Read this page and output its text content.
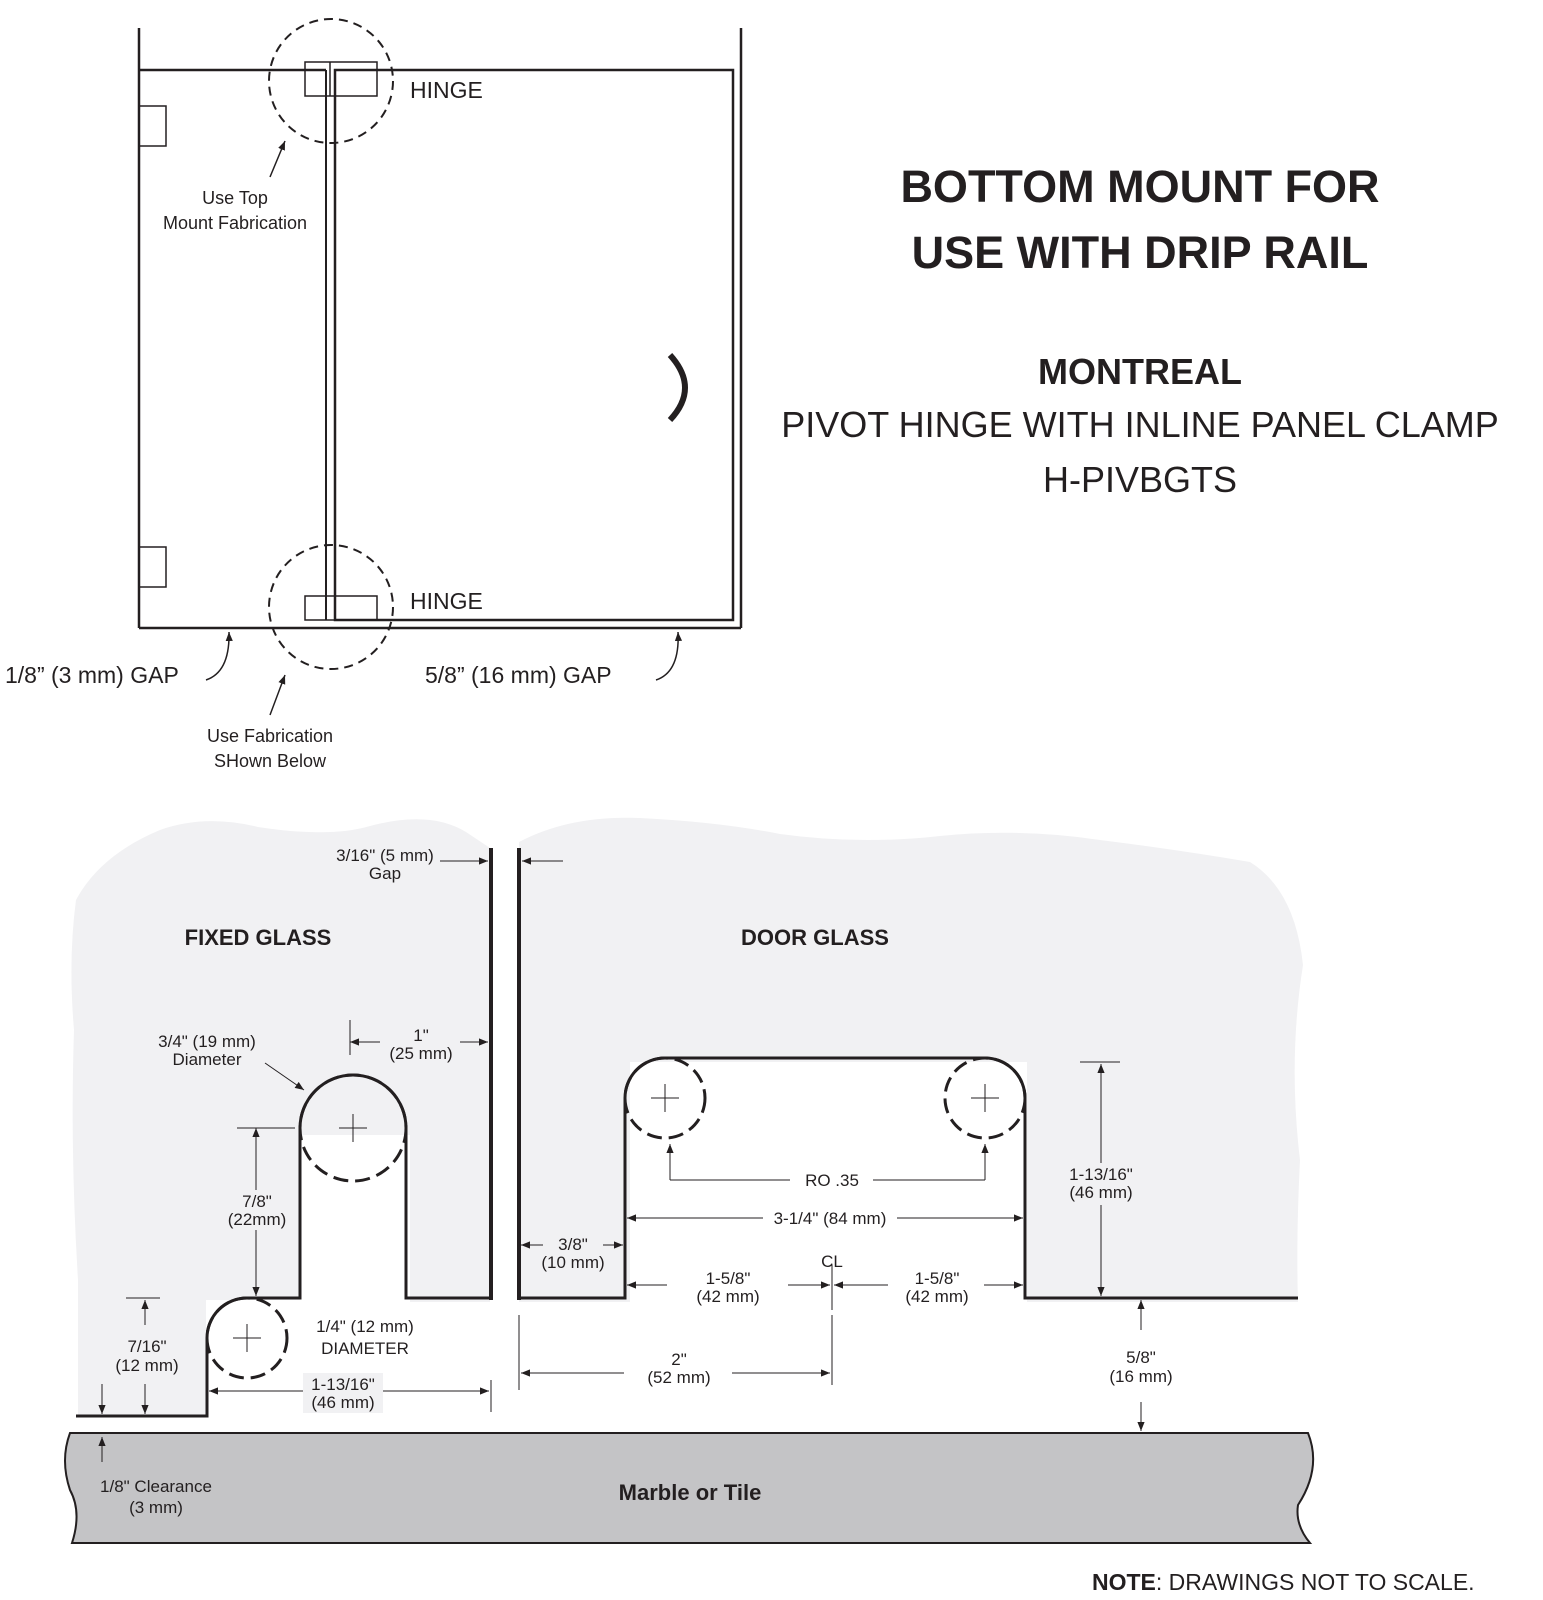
HINGE
HINGE
Use Top
Mount Fabrication
1/8” (3 mm) GAP	5/8” (16 mm) GAP
Use Fabrication
SHown Below
BOTTOM MOUNT FOR
USE WITH DRIP RAIL
MONTREAL
PIVOT HINGE WITH INLINE PANEL CLAMP
H-PIVBGTS
FIXED GLASS	DOOR GLASS
Marble or Tile
3/16" (5 mm)
Gap
3/4" (19 mm)
Diameter
1"
(25 mm)
7/8"
(22mm)
7/16"
(12 mm)
1/4" (12 mm)
DIAMETER
1-13/16"
(46 mm)
3/8"
(10 mm)
RO .35
3-1/4" (84 mm)
CL
1-5/8"
(42 mm)
1-5/8"
(42 mm)
1-13/16"
(46 mm)
2"
(52 mm)
5/8"
(16 mm)
1/8" Clearance
(3 mm)
NOTE: DRAWINGS NOT TO SCALE.
